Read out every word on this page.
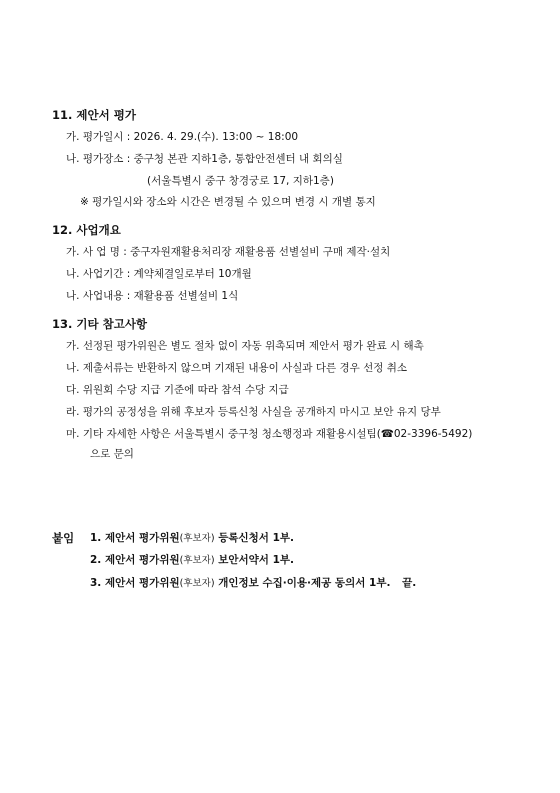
11. 제안서 평가
가. 평가일시 : 2026. 4. 29.(수). 13:00 ~ 18:00
나. 평가장소 : 중구청 본관 지하1층, 통합안전센터 내 회의실
(서울특별시 중구 창경궁로 17, 지하1층)
※ 평가일시와 장소와 시간은 변경될 수 있으며 변경 시 개별 통지
12. 사업개요
가. 사 업 명 : 중구자원재활용처리장 재활용품 선별설비 구매 제작·설치
나. 사업기간 : 계약체결일로부터 10개월
나. 사업내용 : 재활용품 선별설비 1식
13. 기타 참고사항
가. 선정된 평가위원은 별도 절차 없이 자동 위촉되며 제안서 평가 완료 시 해촉
나. 제출서류는 반환하지 않으며 기재된 내용이 사실과 다른 경우 선정 취소
다. 위원회 수당 지급 기준에 따라 참석 수당 지급
라. 평가의 공정성을 위해 후보자 등록신청 사실을 공개하지 마시고 보안 유지 당부
마. 기타 자세한 사항은 서울특별시 중구청 청소행정과 재활용시설팀(☎02-3396-5492)
으로 문의
붙임 1. 제안서 평가위원(후보자) 등록신청서 1부.
2. 제안서 평가위원(후보자) 보안서약서 1부.
3. 제안서 평가위원(후보자) 개인정보 수집·이용·제공 동의서 1부. 끝.
